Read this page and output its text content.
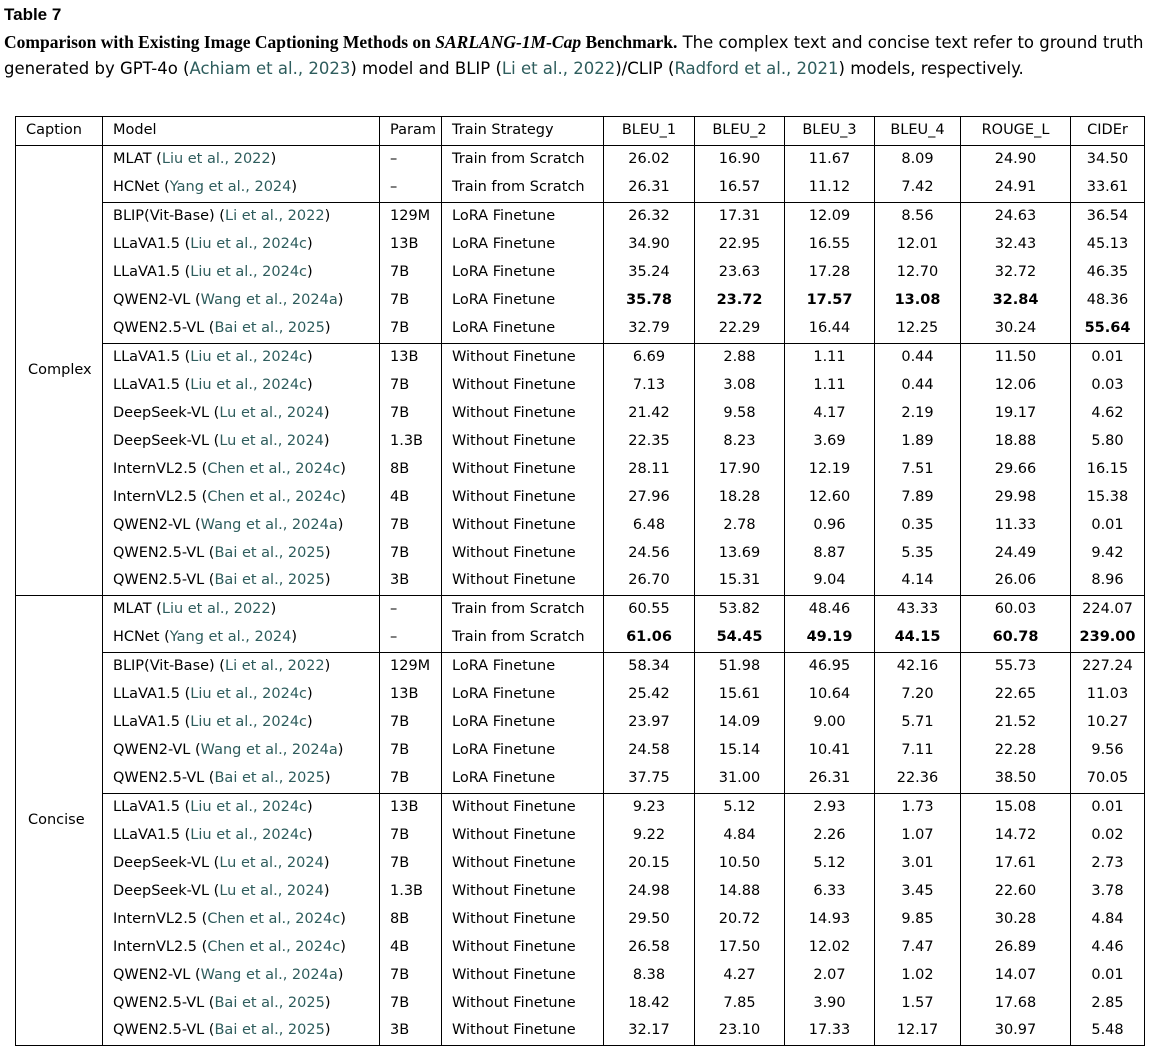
Table 7
Comparison with Existing Image Captioning Methods on SARLANG-1M-Cap Benchmark. The complex text and concise text refer to ground truth generated by GPT-4o (Achiam et al., 2023) model and BLIP (Li et al., 2022)/CLIP (Radford et al., 2021) models, respectively.
Caption	Model	Param	Train Strategy	BLEU_1	BLEU_2	BLEU_3	BLEU_4	ROUGE_L	CIDEr
Complex	MLAT (Liu et al., 2022)	–	Train from Scratch	26.02	16.90	11.67	8.09	24.90	34.50
	HCNet (Yang et al., 2024)	–	Train from Scratch	26.31	16.57	11.12	7.42	24.91	33.61
	BLIP(Vit-Base) (Li et al., 2022)	129M	LoRA Finetune	26.32	17.31	12.09	8.56	24.63	36.54
	LLaVA1.5 (Liu et al., 2024c)	13B	LoRA Finetune	34.90	22.95	16.55	12.01	32.43	45.13
	LLaVA1.5 (Liu et al., 2024c)	7B	LoRA Finetune	35.24	23.63	17.28	12.70	32.72	46.35
	QWEN2-VL (Wang et al., 2024a)	7B	LoRA Finetune	35.78	23.72	17.57	13.08	32.84	48.36
	QWEN2.5-VL (Bai et al., 2025)	7B	LoRA Finetune	32.79	22.29	16.44	12.25	30.24	55.64
	LLaVA1.5 (Liu et al., 2024c)	13B	Without Finetune	6.69	2.88	1.11	0.44	11.50	0.01
	LLaVA1.5 (Liu et al., 2024c)	7B	Without Finetune	7.13	3.08	1.11	0.44	12.06	0.03
	DeepSeek-VL (Lu et al., 2024)	7B	Without Finetune	21.42	9.58	4.17	2.19	19.17	4.62
	DeepSeek-VL (Lu et al., 2024)	1.3B	Without Finetune	22.35	8.23	3.69	1.89	18.88	5.80
	InternVL2.5 (Chen et al., 2024c)	8B	Without Finetune	28.11	17.90	12.19	7.51	29.66	16.15
	InternVL2.5 (Chen et al., 2024c)	4B	Without Finetune	27.96	18.28	12.60	7.89	29.98	15.38
	QWEN2-VL (Wang et al., 2024a)	7B	Without Finetune	6.48	2.78	0.96	0.35	11.33	0.01
	QWEN2.5-VL (Bai et al., 2025)	7B	Without Finetune	24.56	13.69	8.87	5.35	24.49	9.42
	QWEN2.5-VL (Bai et al., 2025)	3B	Without Finetune	26.70	15.31	9.04	4.14	26.06	8.96
Concise	MLAT (Liu et al., 2022)	–	Train from Scratch	60.55	53.82	48.46	43.33	60.03	224.07
	HCNet (Yang et al., 2024)	–	Train from Scratch	61.06	54.45	49.19	44.15	60.78	239.00
	BLIP(Vit-Base) (Li et al., 2022)	129M	LoRA Finetune	58.34	51.98	46.95	42.16	55.73	227.24
	LLaVA1.5 (Liu et al., 2024c)	13B	LoRA Finetune	25.42	15.61	10.64	7.20	22.65	11.03
	LLaVA1.5 (Liu et al., 2024c)	7B	LoRA Finetune	23.97	14.09	9.00	5.71	21.52	10.27
	QWEN2-VL (Wang et al., 2024a)	7B	LoRA Finetune	24.58	15.14	10.41	7.11	22.28	9.56
	QWEN2.5-VL (Bai et al., 2025)	7B	LoRA Finetune	37.75	31.00	26.31	22.36	38.50	70.05
	LLaVA1.5 (Liu et al., 2024c)	13B	Without Finetune	9.23	5.12	2.93	1.73	15.08	0.01
	LLaVA1.5 (Liu et al., 2024c)	7B	Without Finetune	9.22	4.84	2.26	1.07	14.72	0.02
	DeepSeek-VL (Lu et al., 2024)	7B	Without Finetune	20.15	10.50	5.12	3.01	17.61	2.73
	DeepSeek-VL (Lu et al., 2024)	1.3B	Without Finetune	24.98	14.88	6.33	3.45	22.60	3.78
	InternVL2.5 (Chen et al., 2024c)	8B	Without Finetune	29.50	20.72	14.93	9.85	30.28	4.84
	InternVL2.5 (Chen et al., 2024c)	4B	Without Finetune	26.58	17.50	12.02	7.47	26.89	4.46
	QWEN2-VL (Wang et al., 2024a)	7B	Without Finetune	8.38	4.27	2.07	1.02	14.07	0.01
	QWEN2.5-VL (Bai et al., 2025)	7B	Without Finetune	18.42	7.85	3.90	1.57	17.68	2.85
	QWEN2.5-VL (Bai et al., 2025)	3B	Without Finetune	32.17	23.10	17.33	12.17	30.97	5.48
